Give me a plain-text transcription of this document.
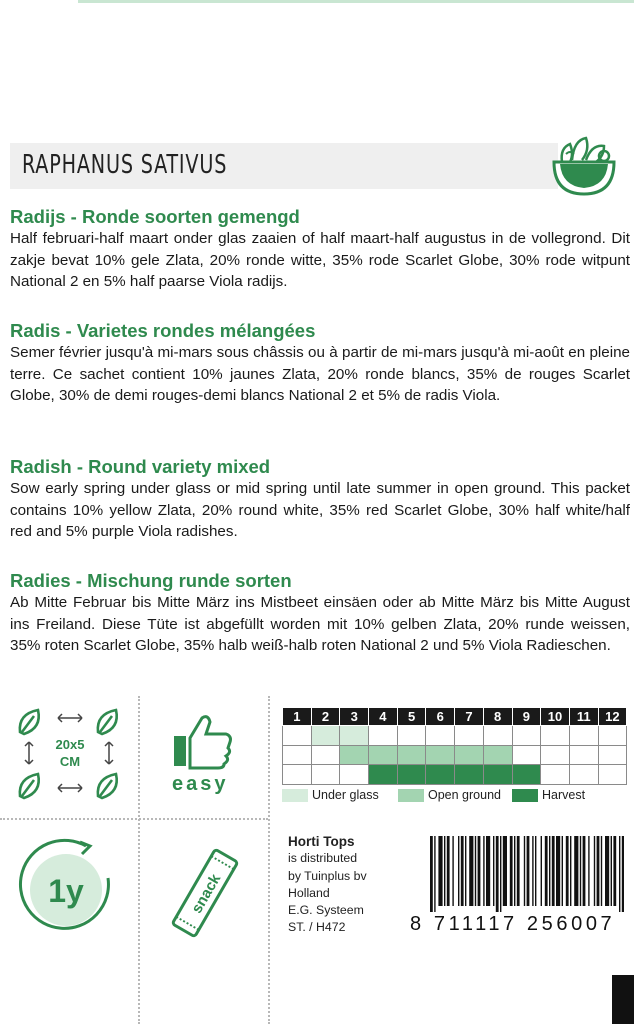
RAPHANUS SATIVUS
Radijs - Ronde soorten gemengd

Half februari-half maart onder glas zaaien of half maart-half augustus in de vollegrond. Dit zakje bevat 10% gele Zlata, 20% ronde witte, 35% rode Scarlet Globe, 30% rode witpunt National 2 en 5% half paarse Viola radijs.

Radis - Varietes rondes mélangées

Semer février jusqu'à mi-mars sous châssis ou à partir de mi-mars jusqu'à mi-août en pleine terre. Ce sachet contient 10% jaunes Zlata, 20% ronde blancs, 35% de rouges Scarlet Globe, 30% de demi rouges-demi blancs National 2 et 5% de radis Viola.

Radish - Round variety mixed

Sow early spring under glass or mid spring until late summer in open ground. This packet contains 10% yellow Zlata, 20% round white, 35% red Scarlet Globe, 30% half white/half red and 5% purple Viola radishes.

Radies - Mischung runde sorten

Ab Mitte Februar bis Mitte März ins Mistbeet einsäen oder ab Mitte März bis Mitte August ins Freiland. Diese Tüte ist abgefüllt worden mit 10% gelben Zlata, 20% runde weissen, 35% roten Scarlet Globe, 35% halb weiß-halb roten National 2 und 5% Viola Radieschen.

20x5
CM
easy
1y	snack
1	2	3	4	5	6	7	8	9	10	11	12

Under glass	Open ground	Harvest
Horti Tops
is distributed
by Tuinplus bv
Holland
E.G. Systeem
ST. / H472	8 711117 256007
